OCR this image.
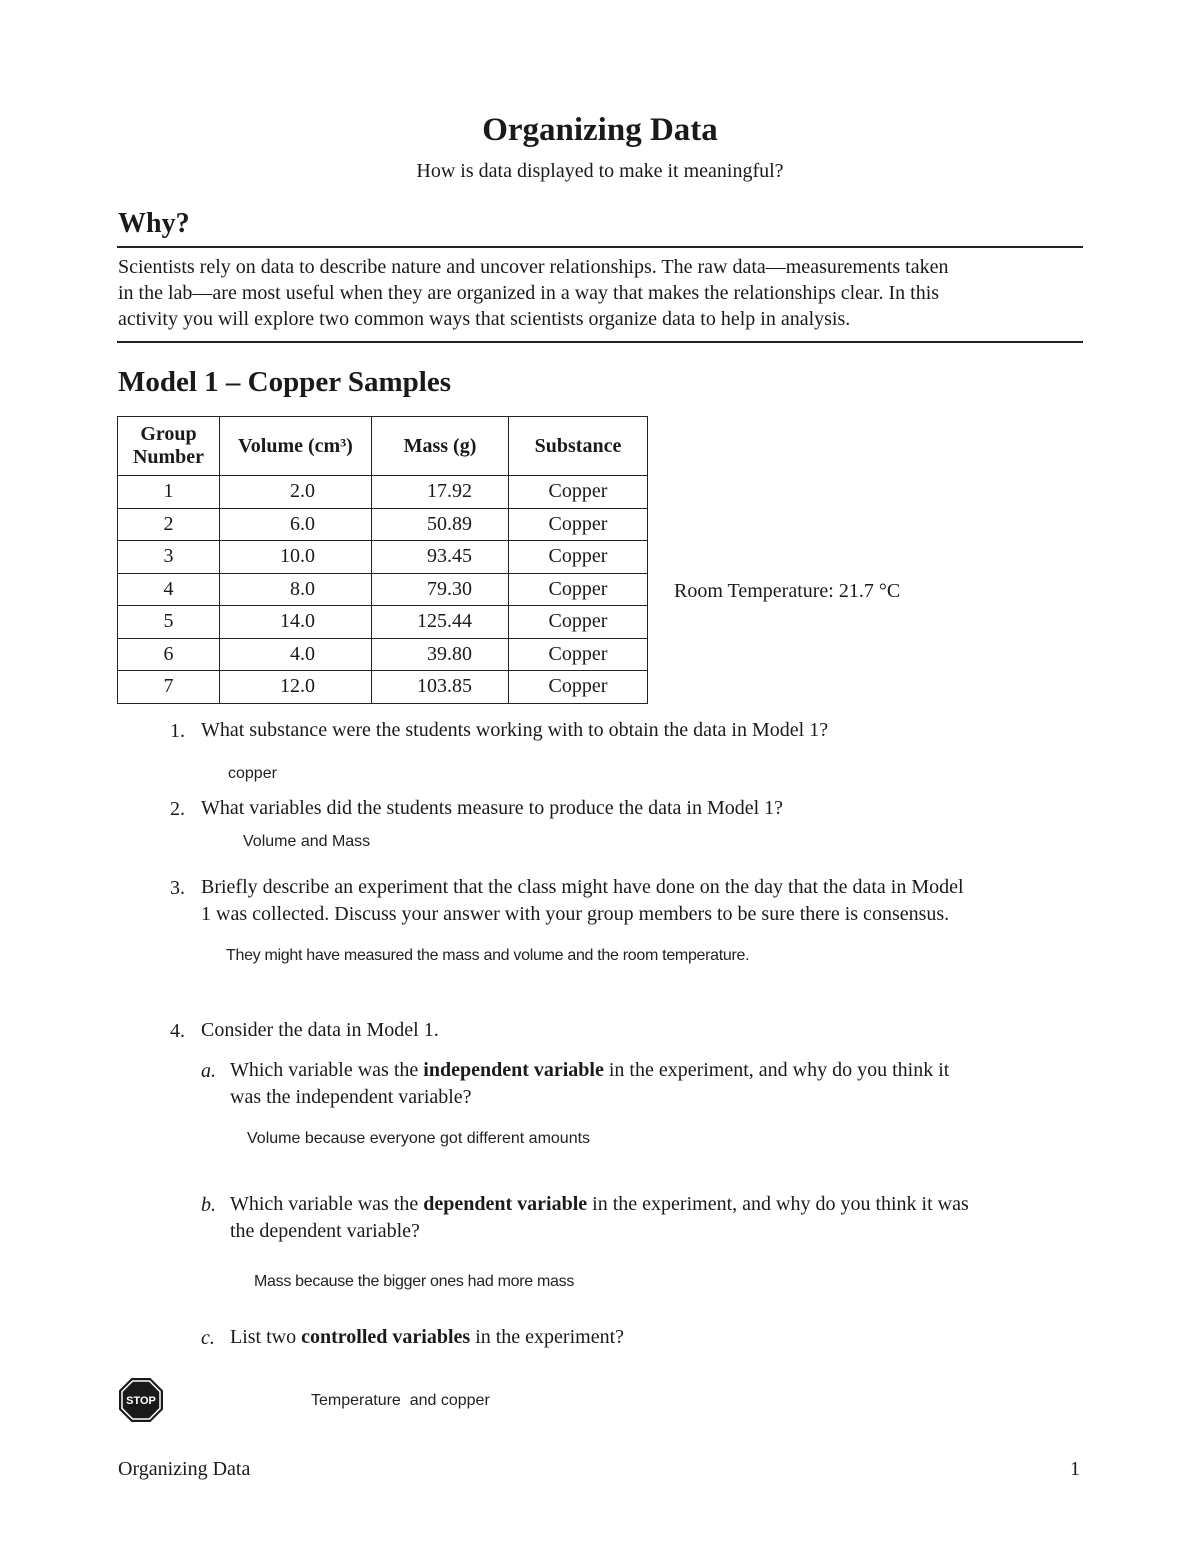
Organizing Data
How is data displayed to make it meaningful?
Why?
Scientists rely on data to describe nature and uncover relationships. The raw data—measurements taken
in the lab—are most useful when they are organized in a way that makes the relationships clear. In this
activity you will explore two common ways that scientists organize data to help in analysis.
Model 1 – Copper Samples
Group Number	Volume (cm³)	Mass (g)	Substance
1	2.0	17.92	Copper
2	6.0	50.89	Copper
3	10.0	93.45	Copper
4	8.0	79.30	Copper
5	14.0	125.44	Copper
6	4.0	39.80	Copper
7	12.0	103.85	Copper
Room Temperature: 21.7 °C
1. What substance were the students working with to obtain the data in Model 1?
copper
2. What variables did the students measure to produce the data in Model 1?
Volume and Mass
3. Briefly describe an experiment that the class might have done on the day that the data in Model
1 was collected. Discuss your answer with your group members to be sure there is consensus.
They might have measured the mass and volume and the room temperature.
4. Consider the data in Model 1.
a. Which variable was the independent variable in the experiment, and why do you think it
was the independent variable?
Volume because everyone got different amounts
b. Which variable was the dependent variable in the experiment, and why do you think it was
the dependent variable?
Mass because the bigger ones had more mass
c. List two controlled variables in the experiment?
Temperature  and copper
STOP
Organizing Data	1
